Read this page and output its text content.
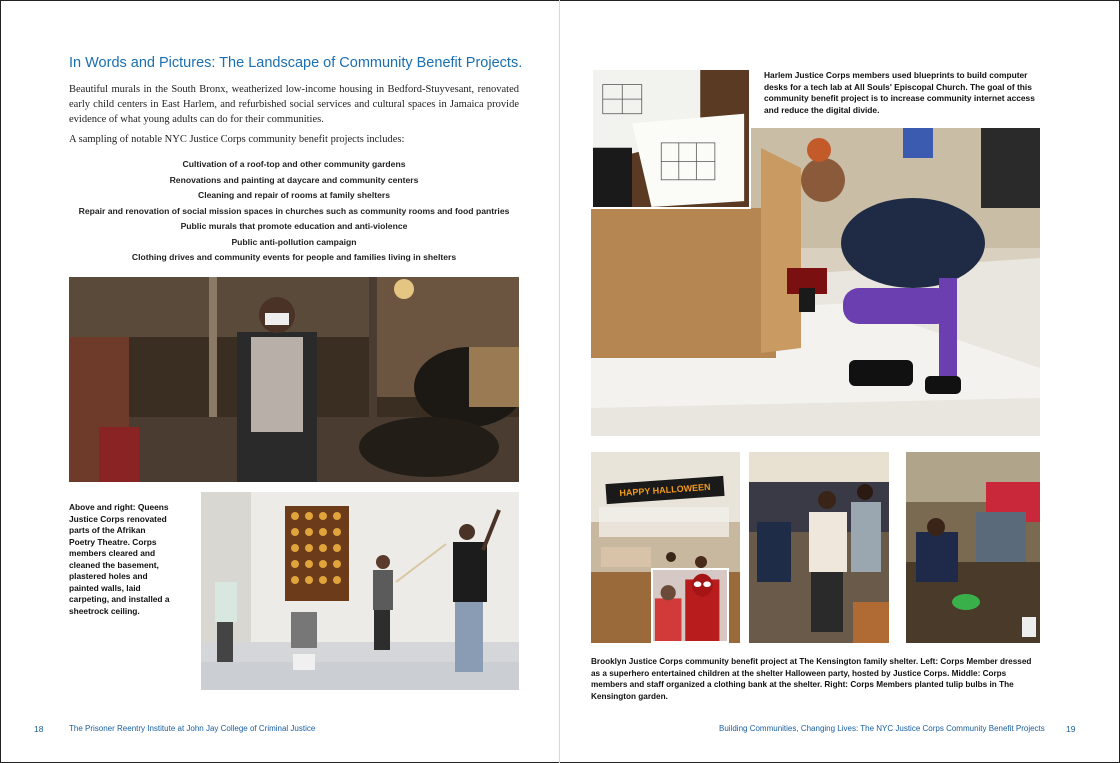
In Words and Pictures: The Landscape of Community Benefit Projects.

Beautiful murals in the South Bronx, weatherized low-income housing in Bedford-Stuyvesant, renovated early child centers in East Harlem, and refurbished social services and cultural spaces in Jamaica provide evidence of what young adults can do for their communities.

A sampling of notable NYC Justice Corps community benefit projects includes:
Cultivation of a roof-top and other community gardens
Renovations and painting at daycare and community centers
Cleaning and repair of rooms at family shelters
Repair and renovation of social mission spaces in churches such as community rooms and food pantries
Public murals that promote education and anti-violence
Public anti-pollution campaign
Clothing drives and community events for people and families living in shelters

Above and right: Queens Justice Corps renovated parts of the Afrikan Poetry Theatre. Corps members cleared and cleaned the basement, plastered holes and painted walls, laid carpeting, and installed a sheetrock ceiling.

18	The Prisoner Reentry Institute at John Jay College of Criminal Justice

Harlem Justice Corps members used blueprints to build computer desks for a tech lab at All Souls' Episcopal Church. The goal of this community benefit project is to increase community internet access and reduce the digital divide.

HAPPY HALLOWEEN

Brooklyn Justice Corps community benefit project at The Kensington family shelter. Left: Corps Member dressed as a superhero entertained children at the shelter Halloween party, hosted by Justice Corps. Middle: Corps members and staff organized a clothing bank at the shelter. Right: Corps Members planted tulip bulbs in The Kensington garden.

Building Communities, Changing Lives: The NYC Justice Corps Community Benefit Projects 19
